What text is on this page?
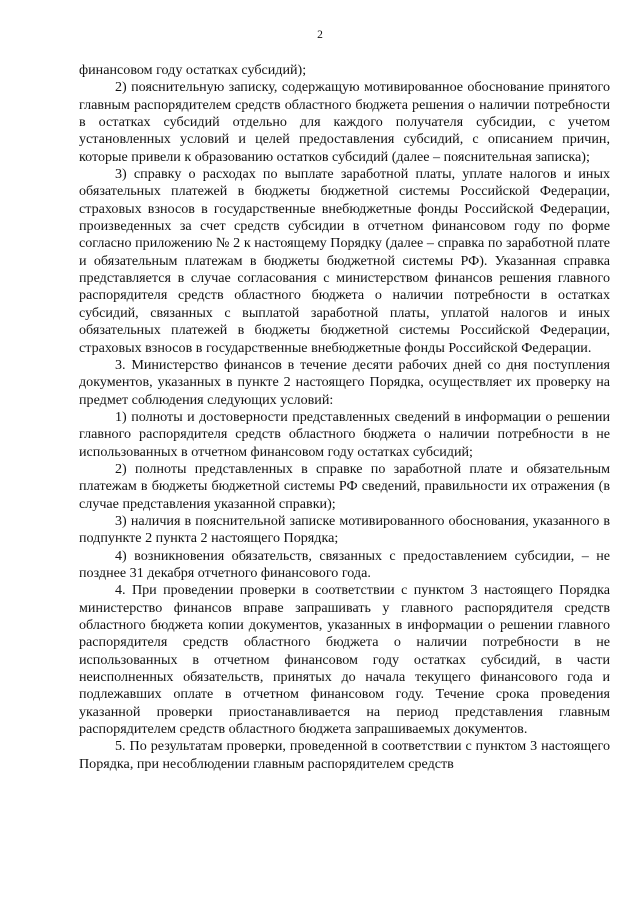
2

финансовом году остатках субсидий);

2) пояснительную записку, содержащую мотивированное обоснование принятого главным распорядителем средств областного бюджета решения о наличии потребности в остатках субсидий отдельно для каждого получателя субсидии, с учетом установленных условий и целей предоставления субсидий, с описанием причин, которые привели к образованию остатков субсидий (далее – пояснительная записка);

3) справку о расходах по выплате заработной платы, уплате налогов и иных обязательных платежей в бюджеты бюджетной системы Российской Федерации, страховых взносов в государственные внебюджетные фонды Российской Федерации, произведенных за счет средств субсидии в отчетном финансовом году по форме согласно приложению № 2 к настоящему Порядку (далее – справка по заработной плате и обязательным платежам в бюджеты бюджетной системы РФ). Указанная справка представляется в случае согласования с министерством финансов решения главного распорядителя средств областного бюджета о наличии потребности в остатках субсидий, связанных с выплатой заработной платы, уплатой налогов и иных обязательных платежей в бюджеты бюджетной системы Российской Федерации, страховых взносов в государственные внебюджетные фонды Российской Федерации.

3. Министерство финансов в течение десяти рабочих дней со дня поступления документов, указанных в пункте 2 настоящего Порядка, осуществляет их проверку на предмет соблюдения следующих условий:

1) полноты и достоверности представленных сведений в информации о решении главного распорядителя средств областного бюджета о наличии потребности в не использованных в отчетном финансовом году остатках субсидий;

2) полноты представленных в справке по заработной плате и обязательным платежам в бюджеты бюджетной системы РФ сведений, правильности их отражения (в случае представления указанной справки);

3) наличия в пояснительной записке мотивированного обоснования, указанного в подпункте 2 пункта 2 настоящего Порядка;

4) возникновения обязательств, связанных с предоставлением субсидии, – не позднее 31 декабря отчетного финансового года.

4. При проведении проверки в соответствии с пунктом 3 настоящего Порядка министерство финансов вправе запрашивать у главного распорядителя средств областного бюджета копии документов, указанных в информации о решении главного распорядителя средств областного бюджета о наличии потребности в не использованных в отчетном финансовом году остатках субсидий, в части неисполненных обязательств, принятых до начала текущего финансового года и подлежавших оплате в отчетном финансовом году. Течение срока проведения указанной проверки приостанавливается на период представления главным распорядителем средств областного бюджета запрашиваемых документов.

5. По результатам проверки, проведенной в соответствии с пунктом 3 настоящего Порядка, при несоблюдении главным распорядителем средств
